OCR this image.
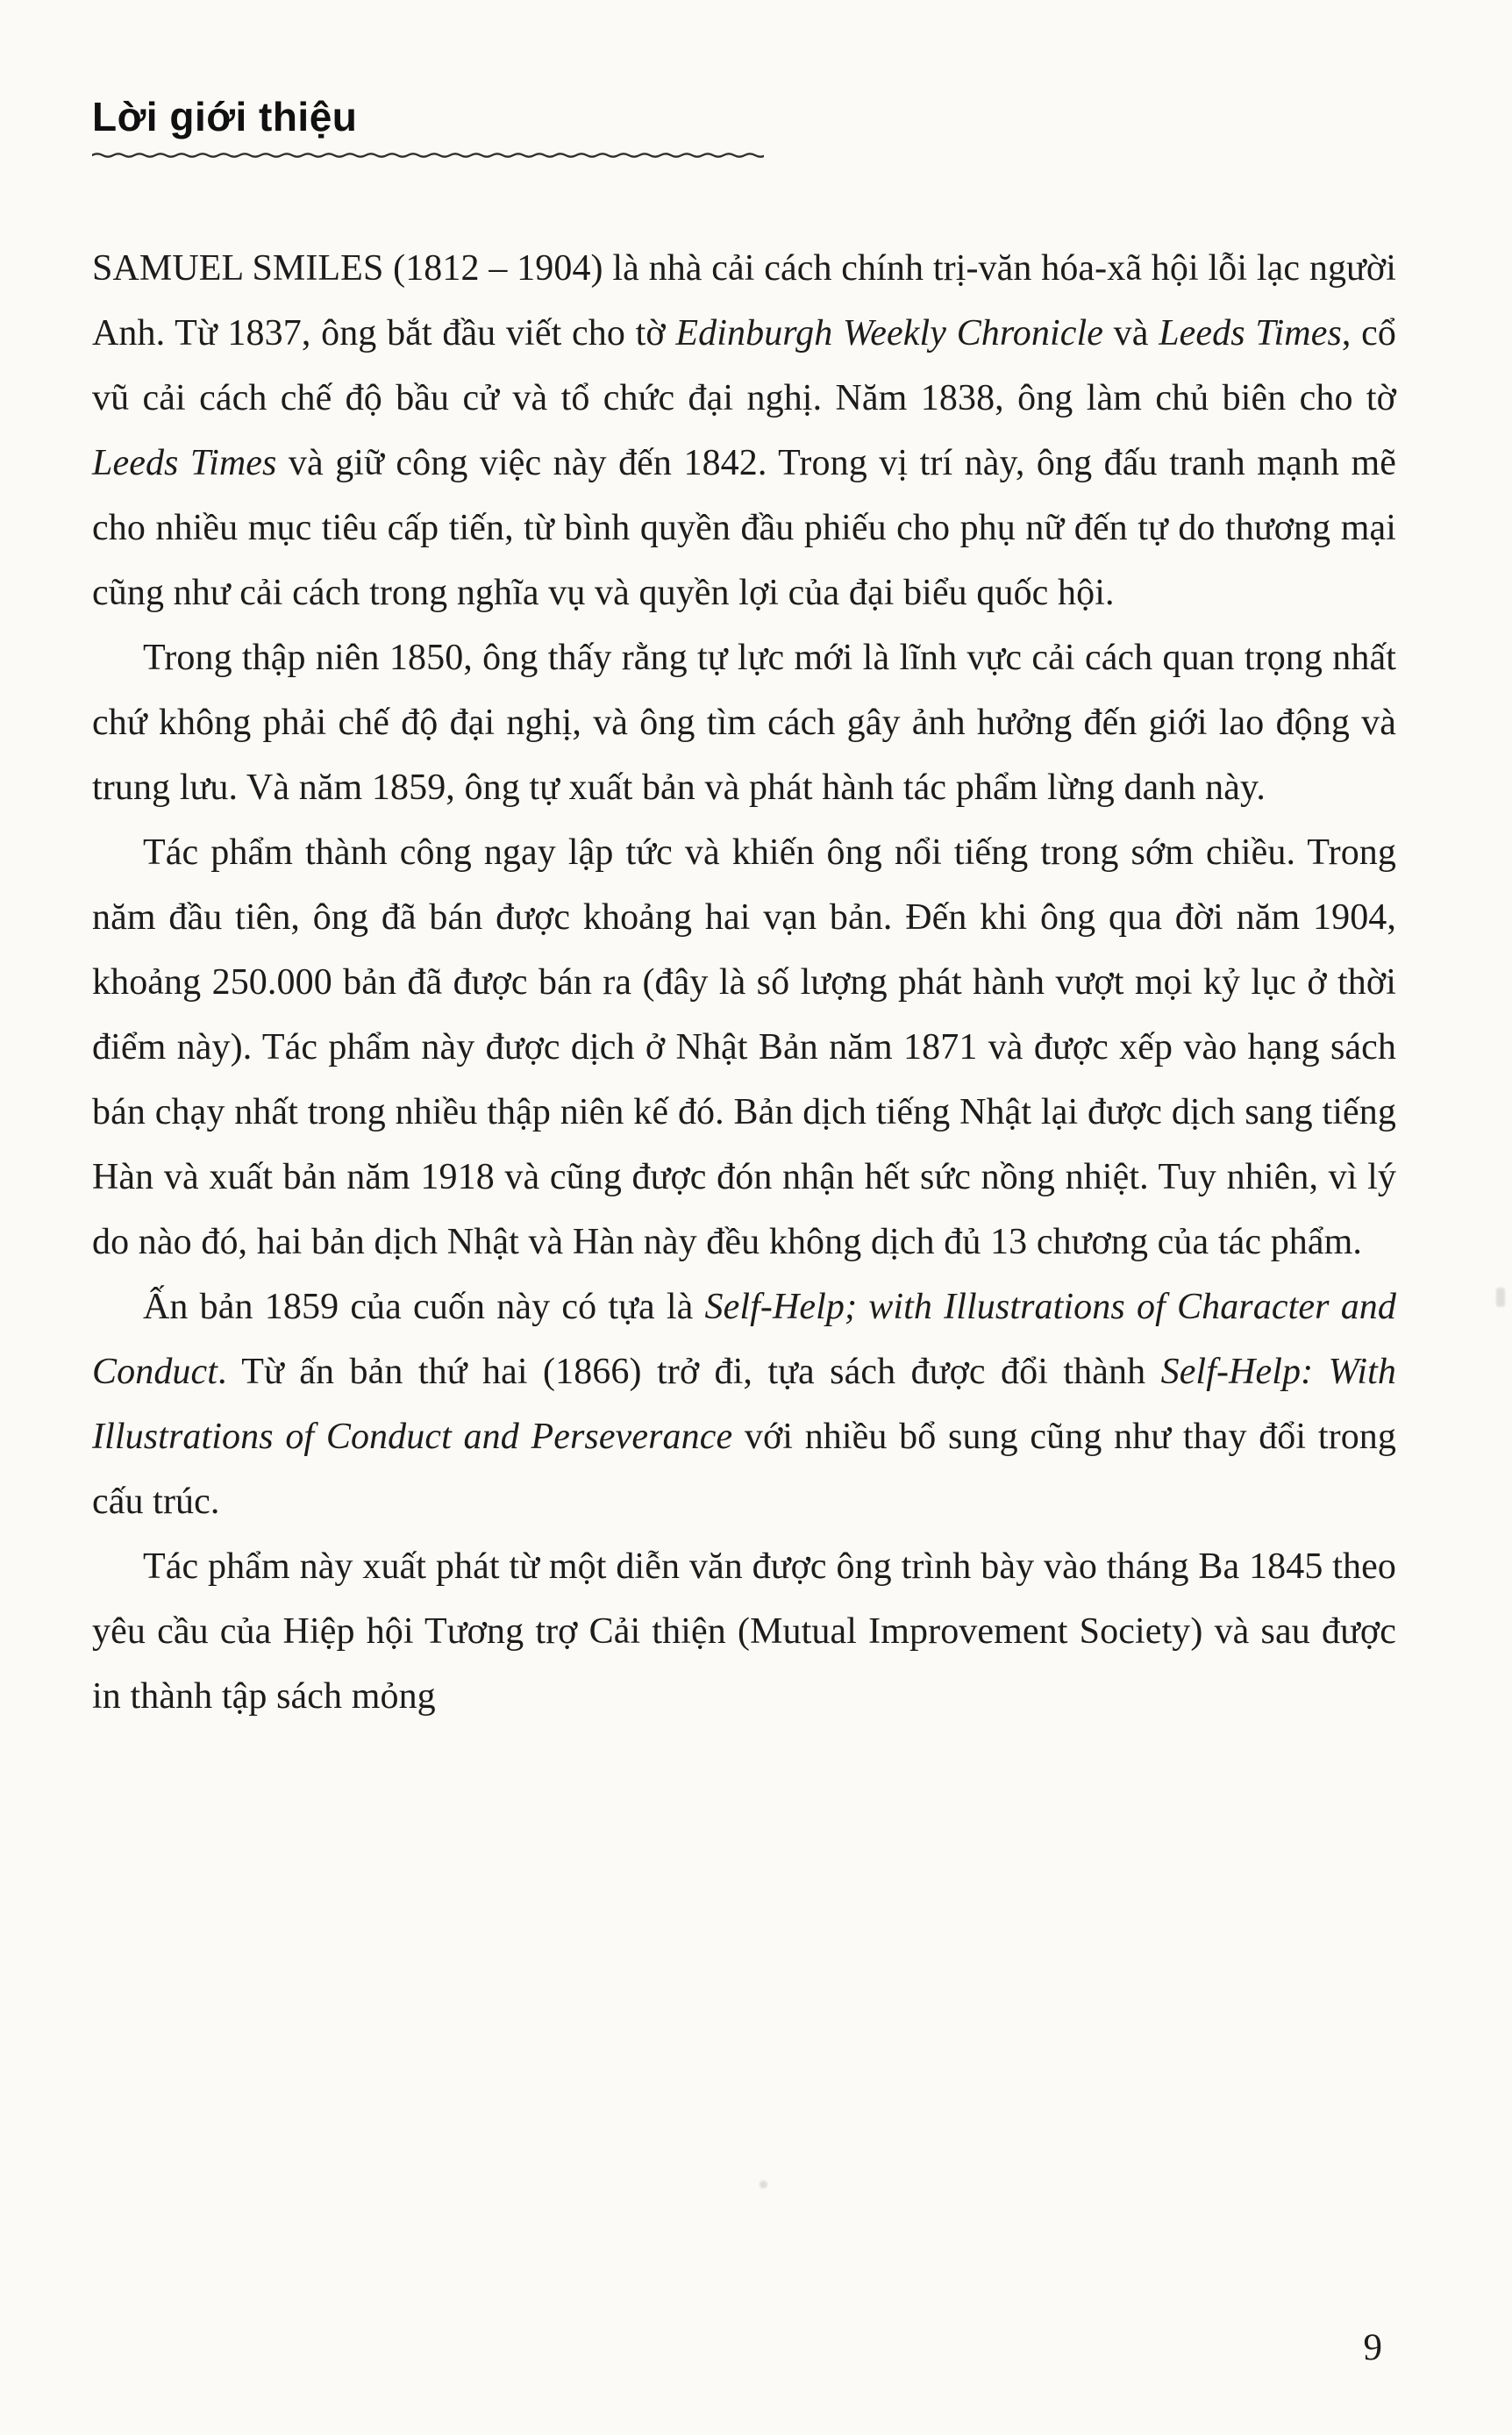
Lời giới thiệu

SAMUEL SMILES (1812 – 1904) là nhà cải cách chính trị-văn hóa-xã hội lỗi lạc người Anh. Từ 1837, ông bắt đầu viết cho tờ Edinburgh Weekly Chronicle và Leeds Times, cổ vũ cải cách chế độ bầu cử và tổ chức đại nghị. Năm 1838, ông làm chủ biên cho tờ Leeds Times và giữ công việc này đến 1842. Trong vị trí này, ông đấu tranh mạnh mẽ cho nhiều mục tiêu cấp tiến, từ bình quyền đầu phiếu cho phụ nữ đến tự do thương mại cũng như cải cách trong nghĩa vụ và quyền lợi của đại biểu quốc hội.

Trong thập niên 1850, ông thấy rằng tự lực mới là lĩnh vực cải cách quan trọng nhất chứ không phải chế độ đại nghị, và ông tìm cách gây ảnh hưởng đến giới lao động và trung lưu. Và năm 1859, ông tự xuất bản và phát hành tác phẩm lừng danh này.

Tác phẩm thành công ngay lập tức và khiến ông nổi tiếng trong sớm chiều. Trong năm đầu tiên, ông đã bán được khoảng hai vạn bản. Đến khi ông qua đời năm 1904, khoảng 250.000 bản đã được bán ra (đây là số lượng phát hành vượt mọi kỷ lục ở thời điểm này). Tác phẩm này được dịch ở Nhật Bản năm 1871 và được xếp vào hạng sách bán chạy nhất trong nhiều thập niên kế đó. Bản dịch tiếng Nhật lại được dịch sang tiếng Hàn và xuất bản năm 1918 và cũng được đón nhận hết sức nồng nhiệt. Tuy nhiên, vì lý do nào đó, hai bản dịch Nhật và Hàn này đều không dịch đủ 13 chương của tác phẩm.

Ấn bản 1859 của cuốn này có tựa là Self-Help; with Illustrations of Character and Conduct. Từ ấn bản thứ hai (1866) trở đi, tựa sách được đổi thành Self-Help: With Illustrations of Conduct and Perseverance với nhiều bổ sung cũng như thay đổi trong cấu trúc.

Tác phẩm này xuất phát từ một diễn văn được ông trình bày vào tháng Ba 1845 theo yêu cầu của Hiệp hội Tương trợ Cải thiện (Mutual Improvement Society) và sau được in thành tập sách mỏng

9
